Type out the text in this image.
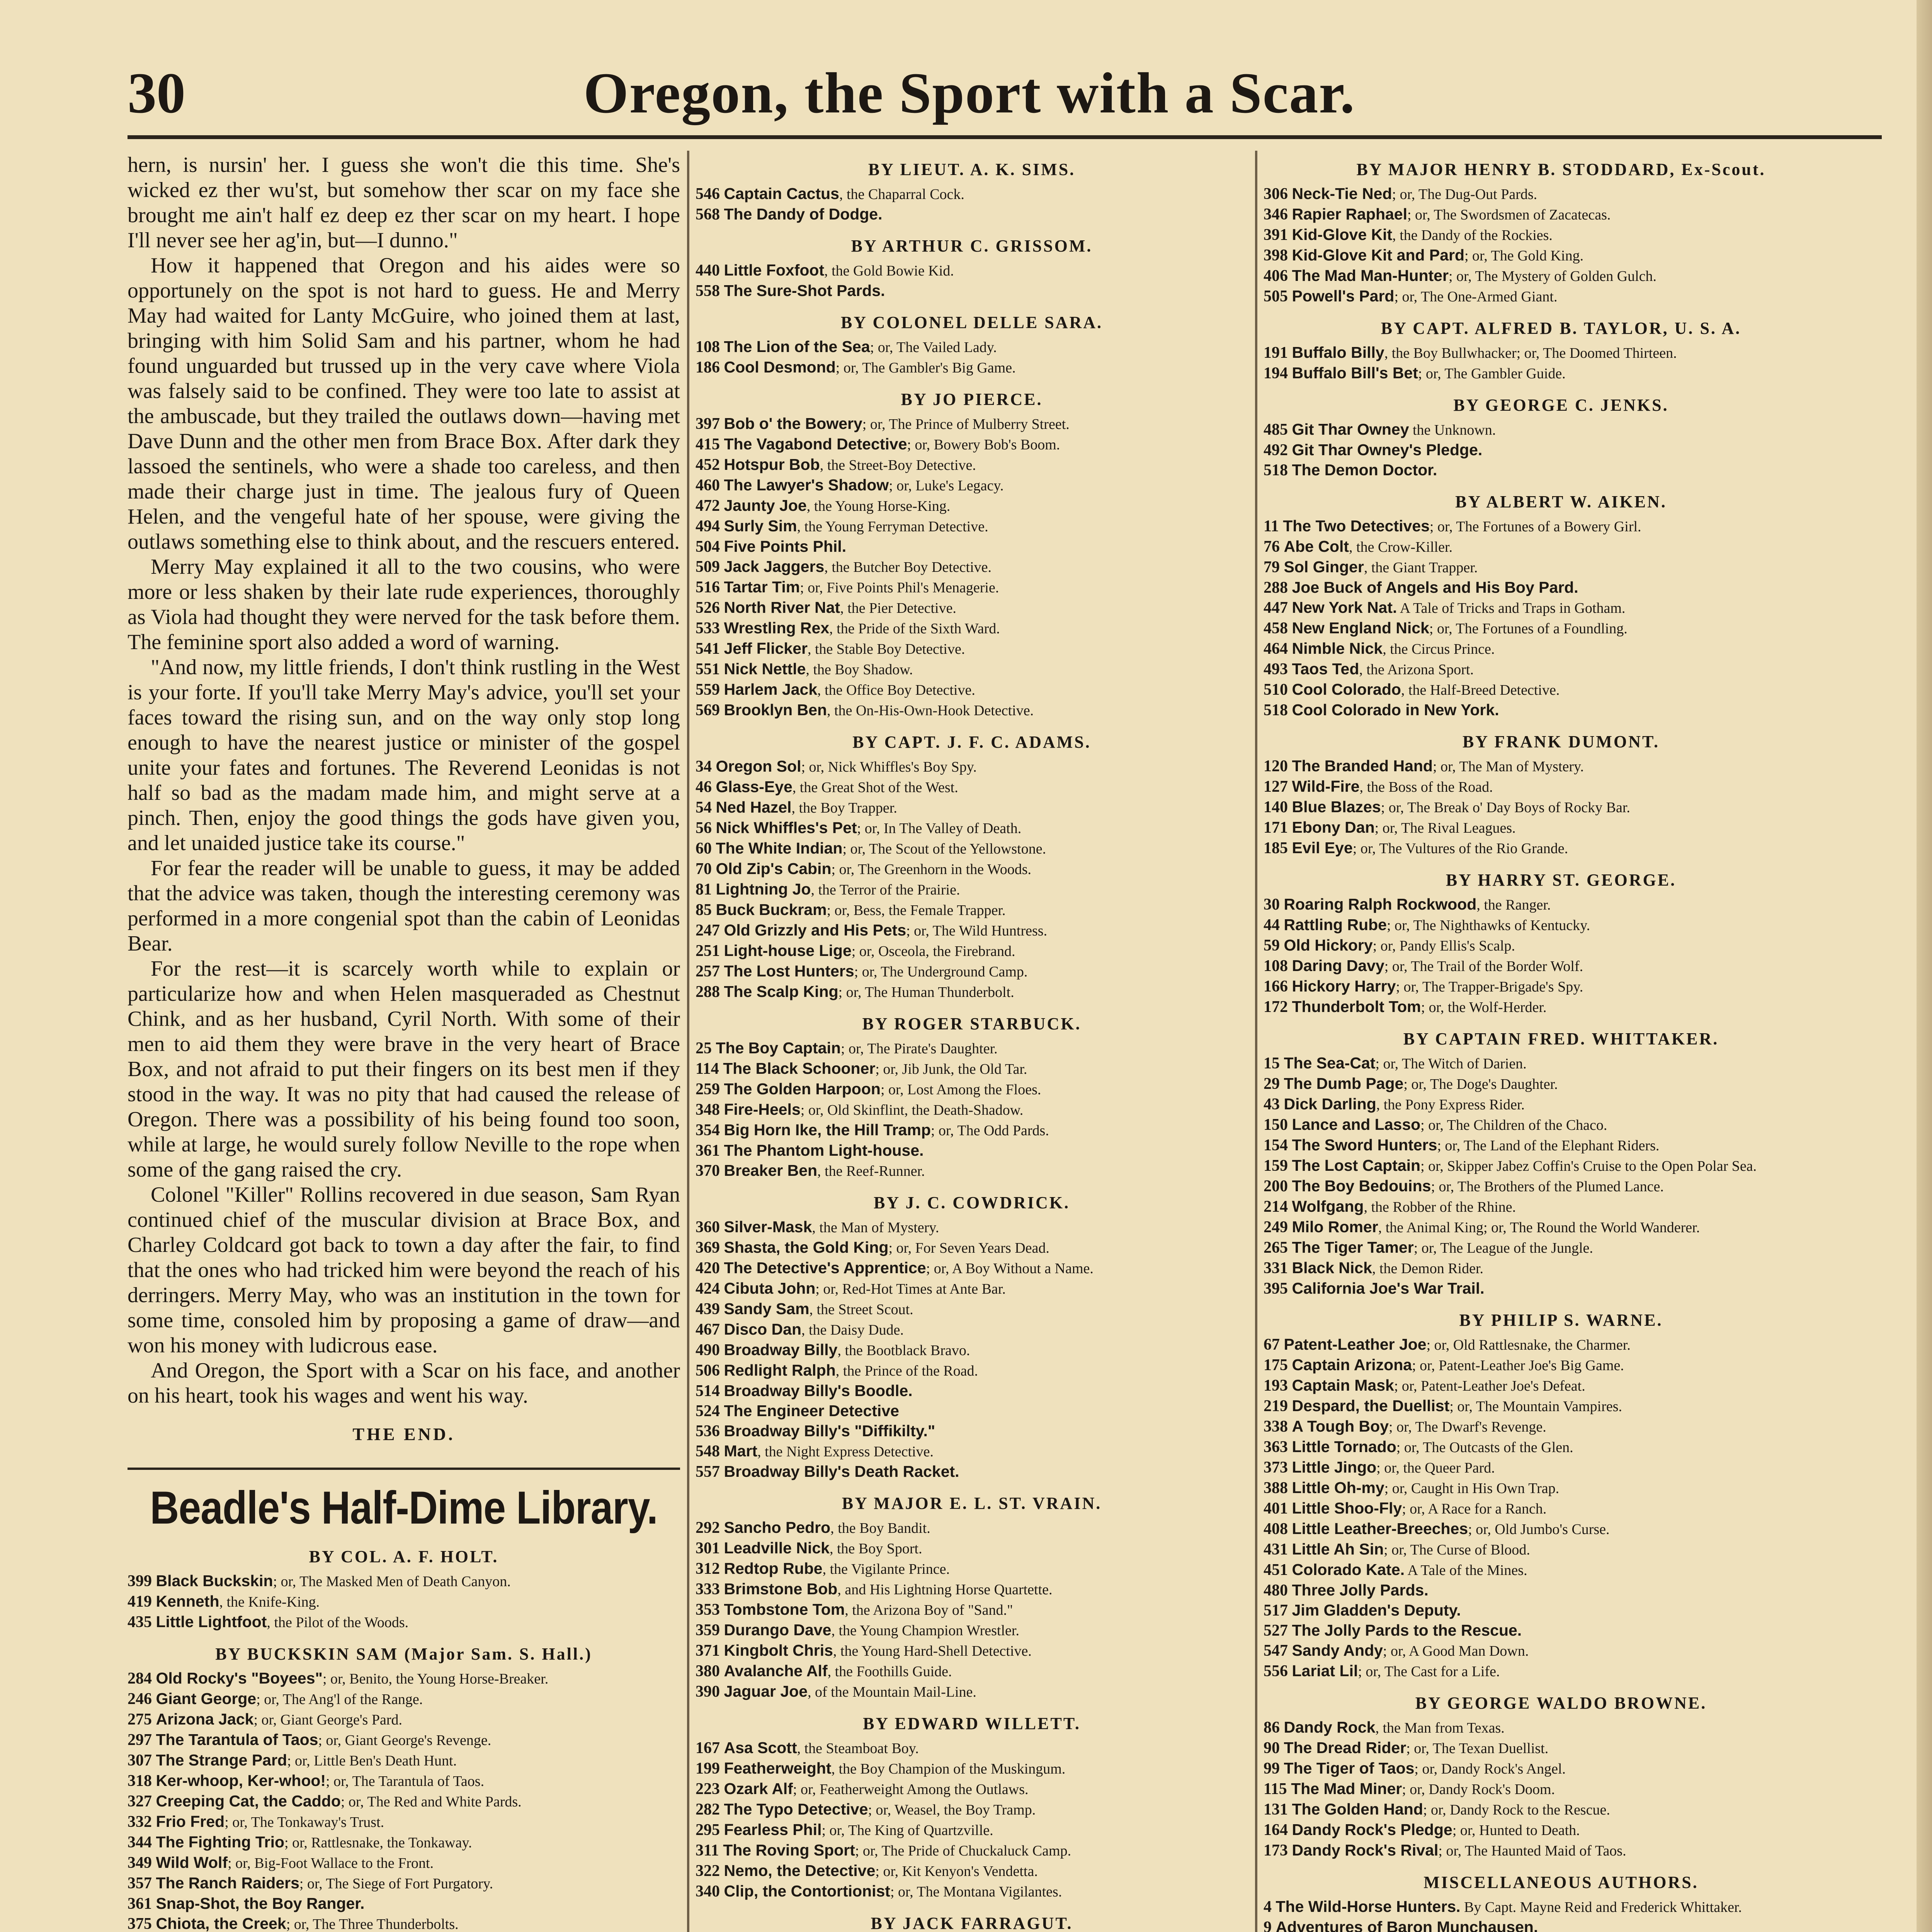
30	Oregon, the Sport with a Scar.

hern, is nursin' her. I guess she won't die this time. She's wicked ez ther wu'st, but somehow ther scar on my face she brought me ain't half ez deep ez ther scar on my heart. I hope I'll never see her ag'in, but—I dunno."

How it happened that Oregon and his aides were so opportunely on the spot is not hard to guess. He and Merry May had waited for Lanty McGuire, who joined them at last, bringing with him Solid Sam and his partner, whom he had found unguarded but trussed up in the very cave where Viola was falsely said to be confined. They were too late to assist at the ambuscade, but they trailed the outlaws down—having met Dave Dunn and the other men from Brace Box. After dark they lassoed the sentinels, who were a shade too careless, and then made their charge just in time. The jealous fury of Queen Helen, and the vengeful hate of her spouse, were giving the outlaws something else to think about, and the rescuers entered.

Merry May explained it all to the two cousins, who were more or less shaken by their late rude experiences, thoroughly as Viola had thought they were nerved for the task before them. The feminine sport also added a word of warning.

"And now, my little friends, I don't think rustling in the West is your forte. If you'll take Merry May's advice, you'll set your faces toward the rising sun, and on the way only stop long enough to have the nearest justice or minister of the gospel unite your fates and fortunes. The Reverend Leonidas is not half so bad as the madam made him, and might serve at a pinch. Then, enjoy the good things the gods have given you, and let unaided justice take its course."

For fear the reader will be unable to guess, it may be added that the advice was taken, though the interesting ceremony was performed in a more congenial spot than the cabin of Leonidas Bear.

For the rest—it is scarcely worth while to explain or particularize how and when Helen masqueraded as Chestnut Chink, and as her husband, Cyril North. With some of their men to aid them they were brave in the very heart of Brace Box, and not afraid to put their fingers on its best men if they stood in the way. It was no pity that had caused the release of Oregon. There was a possibility of his being found too soon, while at large, he would surely follow Neville to the rope when some of the gang raised the cry.

Colonel "Killer" Rollins recovered in due season, Sam Ryan continued chief of the muscular division at Brace Box, and Charley Coldcard got back to town a day after the fair, to find that the ones who had tricked him were beyond the reach of his derringers. Merry May, who was an institution in the town for some time, consoled him by proposing a game of draw—and won his money with ludicrous ease.

And Oregon, the Sport with a Scar on his face, and another on his heart, took his wages and went his way.

THE END.
Beadle's Half-Dime Library.
BY COL. A. F. HOLT.
399 Black Buckskin; or, The Masked Men of Death Canyon.
419 Kenneth, the Knife-King.
435 Little Lightfoot, the Pilot of the Woods.
BY BUCKSKIN SAM (Major Sam. S. Hall.)
284 Old Rocky's "Boyees"; or, Benito, the Young Horse-Breaker.
246 Giant George; or, The Ang'l of the Range.
275 Arizona Jack; or, Giant George's Pard.
297 The Tarantula of Taos; or, Giant George's Revenge.
307 The Strange Pard; or, Little Ben's Death Hunt.
318 Ker-whoop, Ker-whoo!; or, The Tarantula of Taos.
327 Creeping Cat, the Caddo; or, The Red and White Pards.
332 Frio Fred; or, The Tonkaway's Trust.
344 The Fighting Trio; or, Rattlesnake, the Tonkaway.
349 Wild Wolf; or, Big-Foot Wallace to the Front.
357 The Ranch Raiders; or, The Siege of Fort Purgatory.
361 Snap-Shot, the Boy Ranger.
375 Chiota, the Creek; or, The Three Thunderbolts.
BY LIEUT. A. K. SIMS.
546 Captain Cactus, the Chaparral Cock.
568 The Dandy of Dodge.
BY ARTHUR C. GRISSOM.
440 Little Foxfoot, the Gold Bowie Kid.
558 The Sure-Shot Pards.
BY COLONEL DELLE SARA.
108 The Lion of the Sea; or, The Vailed Lady.
186 Cool Desmond; or, The Gambler's Big Game.
BY JO PIERCE.
397 Bob o' the Bowery; or, The Prince of Mulberry Street.
415 The Vagabond Detective; or, Bowery Bob's Boom.
452 Hotspur Bob, the Street-Boy Detective.
460 The Lawyer's Shadow; or, Luke's Legacy.
472 Jaunty Joe, the Young Horse-King.
494 Surly Sim, the Young Ferryman Detective.
504 Five Points Phil.
509 Jack Jaggers, the Butcher Boy Detective.
516 Tartar Tim; or, Five Points Phil's Menagerie.
526 North River Nat, the Pier Detective.
533 Wrestling Rex, the Pride of the Sixth Ward.
541 Jeff Flicker, the Stable Boy Detective.
551 Nick Nettle, the Boy Shadow.
559 Harlem Jack, the Office Boy Detective.
569 Brooklyn Ben, the On-His-Own-Hook Detective.
BY CAPT. J. F. C. ADAMS.
34 Oregon Sol; or, Nick Whiffles's Boy Spy.
46 Glass-Eye, the Great Shot of the West.
54 Ned Hazel, the Boy Trapper.
56 Nick Whiffles's Pet; or, In The Valley of Death.
60 The White Indian; or, The Scout of the Yellowstone.
70 Old Zip's Cabin; or, The Greenhorn in the Woods.
81 Lightning Jo, the Terror of the Prairie.
85 Buck Buckram; or, Bess, the Female Trapper.
247 Old Grizzly and His Pets; or, The Wild Huntress.
251 Light-house Lige; or, Osceola, the Firebrand.
257 The Lost Hunters; or, The Underground Camp.
288 The Scalp King; or, The Human Thunderbolt.
BY ROGER STARBUCK.
25 The Boy Captain; or, The Pirate's Daughter.
114 The Black Schooner; or, Jib Junk, the Old Tar.
259 The Golden Harpoon; or, Lost Among the Floes.
348 Fire-Heels; or, Old Skinflint, the Death-Shadow.
354 Big Horn Ike, the Hill Tramp; or, The Odd Pards.
361 The Phantom Light-house.
370 Breaker Ben, the Reef-Runner.
BY J. C. COWDRICK.
360 Silver-Mask, the Man of Mystery.
369 Shasta, the Gold King; or, For Seven Years Dead.
420 The Detective's Apprentice; or, A Boy Without a Name.
424 Cibuta John; or, Red-Hot Times at Ante Bar.
439 Sandy Sam, the Street Scout.
467 Disco Dan, the Daisy Dude.
490 Broadway Billy, the Bootblack Bravo.
506 Redlight Ralph, the Prince of the Road.
514 Broadway Billy's Boodle.
524 The Engineer Detective
536 Broadway Billy's "Diffikilty."
548 Mart, the Night Express Detective.
557 Broadway Billy's Death Racket.
BY MAJOR E. L. ST. VRAIN.
292 Sancho Pedro, the Boy Bandit.
301 Leadville Nick, the Boy Sport.
312 Redtop Rube, the Vigilante Prince.
333 Brimstone Bob, and His Lightning Horse Quartette.
353 Tombstone Tom, the Arizona Boy of "Sand."
359 Durango Dave, the Young Champion Wrestler.
371 Kingbolt Chris, the Young Hard-Shell Detective.
380 Avalanche Alf, the Foothills Guide.
390 Jaguar Joe, of the Mountain Mail-Line.
BY EDWARD WILLETT.
167 Asa Scott, the Steamboat Boy.
199 Featherweight, the Boy Champion of the Muskingum.
223 Ozark Alf; or, Featherweight Among the Outlaws.
282 The Typo Detective; or, Weasel, the Boy Tramp.
295 Fearless Phil; or, The King of Quartzville.
311 The Roving Sport; or, The Pride of Chuckaluck Camp.
322 Nemo, the Detective; or, Kit Kenyon's Vendetta.
340 Clip, the Contortionist; or, The Montana Vigilantes.
BY JACK FARRAGUT.
BY MAJOR HENRY B. STODDARD, Ex-Scout.
306 Neck-Tie Ned; or, The Dug-Out Pards.
346 Rapier Raphael; or, The Swordsmen of Zacatecas.
391 Kid-Glove Kit, the Dandy of the Rockies.
398 Kid-Glove Kit and Pard; or, The Gold King.
406 The Mad Man-Hunter; or, The Mystery of Golden Gulch.
505 Powell's Pard; or, The One-Armed Giant.
BY CAPT. ALFRED B. TAYLOR, U. S. A.
191 Buffalo Billy, the Boy Bullwhacker; or, The Doomed Thirteen.
194 Buffalo Bill's Bet; or, The Gambler Guide.
BY GEORGE C. JENKS.
485 Git Thar Owney the Unknown.
492 Git Thar Owney's Pledge.
518 The Demon Doctor.
BY ALBERT W. AIKEN.
11 The Two Detectives; or, The Fortunes of a Bowery Girl.
76 Abe Colt, the Crow-Killer.
79 Sol Ginger, the Giant Trapper.
288 Joe Buck of Angels and His Boy Pard.
447 New York Nat. A Tale of Tricks and Traps in Gotham.
458 New England Nick; or, The Fortunes of a Foundling.
464 Nimble Nick, the Circus Prince.
493 Taos Ted, the Arizona Sport.
510 Cool Colorado, the Half-Breed Detective.
518 Cool Colorado in New York.
BY FRANK DUMONT.
120 The Branded Hand; or, The Man of Mystery.
127 Wild-Fire, the Boss of the Road.
140 Blue Blazes; or, The Break o' Day Boys of Rocky Bar.
171 Ebony Dan; or, The Rival Leagues.
185 Evil Eye; or, The Vultures of the Rio Grande.
BY HARRY ST. GEORGE.
30 Roaring Ralph Rockwood, the Ranger.
44 Rattling Rube; or, The Nighthawks of Kentucky.
59 Old Hickory; or, Pandy Ellis's Scalp.
108 Daring Davy; or, The Trail of the Border Wolf.
166 Hickory Harry; or, The Trapper-Brigade's Spy.
172 Thunderbolt Tom; or, the Wolf-Herder.
BY CAPTAIN FRED. WHITTAKER.
15 The Sea-Cat; or, The Witch of Darien.
29 The Dumb Page; or, The Doge's Daughter.
43 Dick Darling, the Pony Express Rider.
150 Lance and Lasso; or, The Children of the Chaco.
154 The Sword Hunters; or, The Land of the Elephant Riders.
159 The Lost Captain; or, Skipper Jabez Coffin's Cruise to the Open Polar Sea.
200 The Boy Bedouins; or, The Brothers of the Plumed Lance.
214 Wolfgang, the Robber of the Rhine.
249 Milo Romer, the Animal King; or, The Round the World Wanderer.
265 The Tiger Tamer; or, The League of the Jungle.
331 Black Nick, the Demon Rider.
395 California Joe's War Trail.
BY PHILIP S. WARNE.
67 Patent-Leather Joe; or, Old Rattlesnake, the Charmer.
175 Captain Arizona; or, Patent-Leather Joe's Big Game.
193 Captain Mask; or, Patent-Leather Joe's Defeat.
219 Despard, the Duellist; or, The Mountain Vampires.
338 A Tough Boy; or, The Dwarf's Revenge.
363 Little Tornado; or, The Outcasts of the Glen.
373 Little Jingo; or, the Queer Pard.
388 Little Oh-my; or, Caught in His Own Trap.
401 Little Shoo-Fly; or, A Race for a Ranch.
408 Little Leather-Breeches; or, Old Jumbo's Curse.
431 Little Ah Sin; or, The Curse of Blood.
451 Colorado Kate. A Tale of the Mines.
480 Three Jolly Pards.
517 Jim Gladden's Deputy.
527 The Jolly Pards to the Rescue.
547 Sandy Andy; or, A Good Man Down.
556 Lariat Lil; or, The Cast for a Life.
BY GEORGE WALDO BROWNE.
86 Dandy Rock, the Man from Texas.
90 The Dread Rider; or, The Texan Duellist.
99 The Tiger of Taos; or, Dandy Rock's Angel.
115 The Mad Miner; or, Dandy Rock's Doom.
131 The Golden Hand; or, Dandy Rock to the Rescue.
164 Dandy Rock's Pledge; or, Hunted to Death.
173 Dandy Rock's Rival; or, The Haunted Maid of Taos.
MISCELLANEOUS AUTHORS.
4 The Wild-Horse Hunters. By Capt. Mayne Reid and Frederick Whittaker.
9 Adventures of Baron Munchausen.
